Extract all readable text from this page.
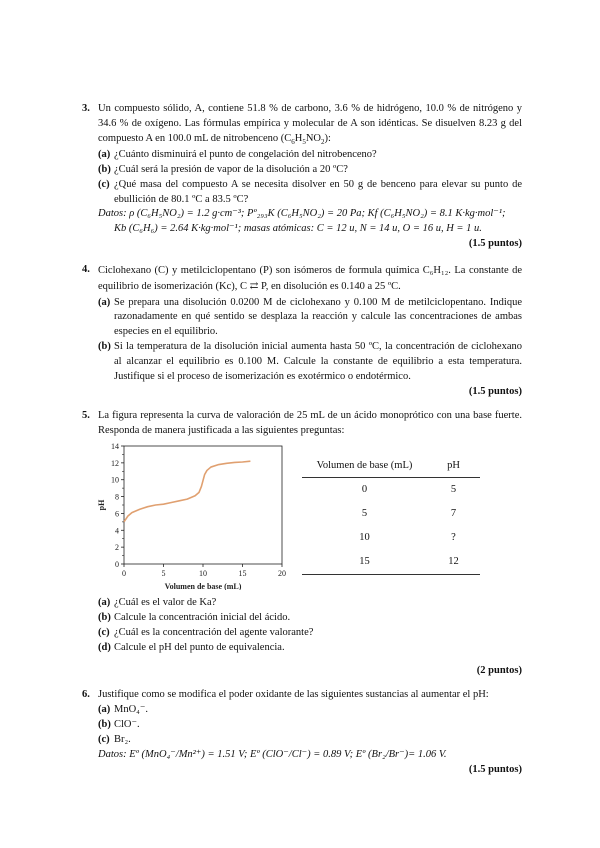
3. Un compuesto sólido, A, contiene 51.8 % de carbono, 3.6 % de hidrógeno, 10.0 % de nitrógeno y 34.6 % de oxígeno. Las fórmulas empírica y molecular de A son idénticas. Se disuelven 8.23 g del compuesto A en 100.0 mL de nitrobenceno $(C_6H_5NO_2)$:

(a) ¿Cuánto disminuirá el punto de congelación del nitrobenceno?
(b) ¿Cuál será la presión de vapor de la disolución a 20 ºC?
(c) ¿Qué masa del compuesto A se necesita disolver en 50 g de benceno para elevar su punto de ebullición de 80.1 ºC a 83.5 ºC?
Datos: ρ (C₆H₅NO₂) = 1.2 g·cm⁻³; Pº₂₉₃K (C₆H₅NO₂) = 20 Pa; Kf (C₆H₅NO₂) = 8.1 K·kg·mol⁻¹;
Kb (C₆H₆) = 2.64 K·kg·mol⁻¹; masas atómicas: C = 12 u, N = 14 u, O = 16 u, H = 1 u.
(1.5 puntos)
4. Ciclohexano (C) y metilciclopentano (P) son isómeros de formula química C₆H₁₂. La constante de equilibrio de isomerización (Kc), C ⇄ P, en disolución es 0.140 a 25 ºC.

(a) Se prepara una disolución 0.0200 M de ciclohexano y 0.100 M de metilciclopentano. Indique razonadamente en qué sentido se desplaza la reacción y calcule las concentraciones de ambas especies en el equilibrio.
(b) Si la temperatura de la disolución inicial aumenta hasta 50 ºC, la concentración de ciclohexano al alcanzar el equilibrio es 0.100 M. Calcule la constante de equilibrio a esta temperatura. Justifique si el proceso de isomerización es exotérmico o endotérmico.
(1.5 puntos)
5. La figura representa la curva de valoración de 25 mL de un ácido monoprótico con una base fuerte. Responda de manera justificada a las siguientes preguntas:

0
2
4
6
8
10
12
14
0	5	10	15	20
Volumen de base (mL)
pH
Volumen de base (mL)	pH
0	5
5	7
10	?
15	12
(a) ¿Cuál es el valor de Ka?
(b) Calcule la concentración inicial del ácido.
(c) ¿Cuál es la concentración del agente valorante?
(d) Calcule el pH del punto de equivalencia.
(2 puntos)
6. Justifique como se modifica el poder oxidante de las siguientes sustancias al aumentar el pH:

(a) MnO₄⁻.
(b) ClO⁻.
(c) Br₂.
Datos: Eº (MnO₄⁻/Mn²⁺) = 1.51 V; Eº (ClO⁻/Cl⁻) = 0.89 V; Eº (Br₂/Br⁻)= 1.06 V.
(1.5 puntos)
